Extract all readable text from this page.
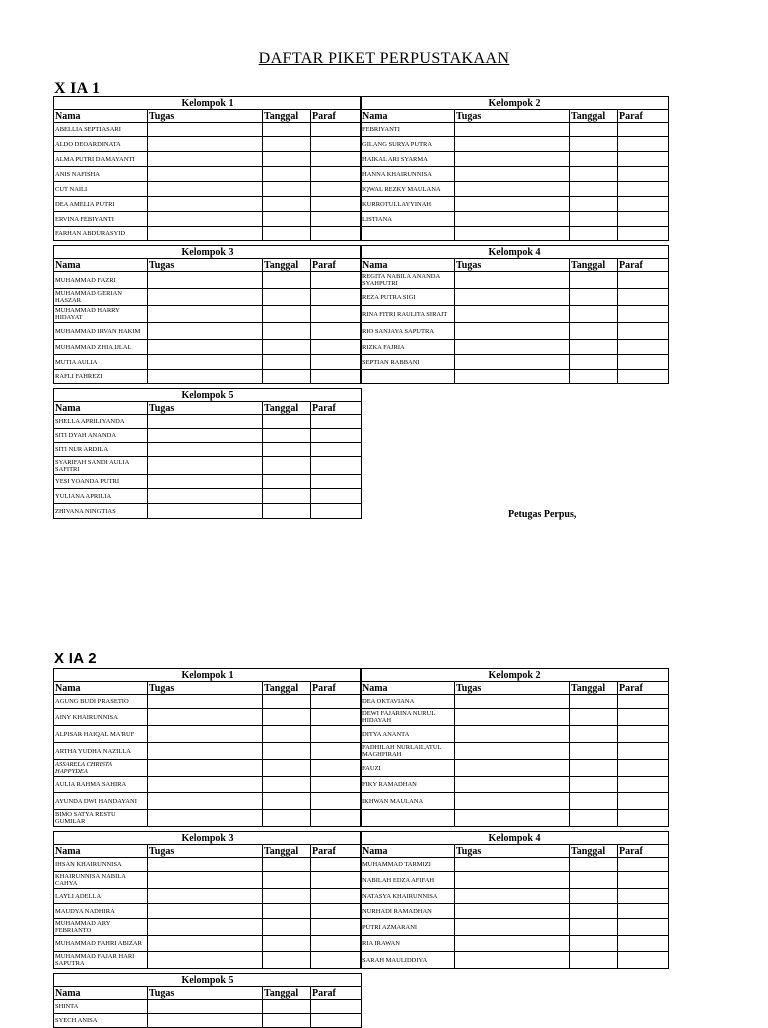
DAFTAR PIKET PERPUSTAKAAN
X IA 1
X IA 2
Petugas Perpus,
Kelompok 1			
Nama	Tugas	Tanggal	Paraf
ABELLIA SEPTIASARI			
ALDO DEOARDINATA			
ALMA PUTRI DAMAYANTI			
ANIS NAFISHA			
CUT NAILI			
DEA AMELIA PUTRI			
ERVINA FEBIYANTI			
FARHAN ABDURASYID			
Kelompok 2			
Nama	Tugas	Tanggal	Paraf
FEBRIYANTI			
GILANG SURYA PUTRA			
HAIKAL ARI SYARMA			
HANNA KHAIRUNNISA			
IQWAL REZKY MAULANA			
KURROTULLAYYINAH			
LISTIANA			

Kelompok 3			
Nama	Tugas	Tanggal	Paraf
MUHAMMAD FAZRI			
MUHAMMAD GERIAN HASZAR			
MUHAMMAD HARRY HIDAYAT			
MUHAMMAD IRVAN HAKIM			
MUHAMMAD ZHIA IJLAL			
MUTIA AULIA			
RAFLI FAHREZI			
Kelompok 4			
Nama	Tugas	Tanggal	Paraf
REGITA NABILA ANANDA SYAHPUTRI			
REZA PUTRA SIGI			
RINA FITRI RAULITA SIRAIT			
RIO SANJAYA SAPUTRA			
RIZKA FAJRIA			
SEPTIAN RABBANI			

Kelompok 5			
Nama	Tugas	Tanggal	Paraf
SHELLA APRILIYANDA			
SITI DYAH ANANDA			
SITI NUR ARDILA			
SYARIFAH SANDI AULIA SAFITRI			
YESI YOANDA PUTRI			
YULIANA APRILIA			
ZHIVANA NINGTIAS			
Kelompok 1			
Nama	Tugas	Tanggal	Paraf
AGUNG BUDI PRASETIO			
AINY KHAIRUNNISA			
ALPISAR HAIQAL MA'RUF			
ARTHA YUDHA NAZILLA			
ASSARELA CHRISTA HAPPYDEA			
AULIA RAHMA SAHIRA			
AYUNDA DWI HANDAYANI			
BIMO SATYA RESTU GUMILAR			
Kelompok 2			
Nama	Tugas	Tanggal	Paraf
DEA OKTAVIANA			
DEWI FAJARINA NURUL HIDAYAH			
DITYA ANANTA			
FADHILAH NURLAILATUL MAGHFIRAH			
FAUZI			
FIKY RAMADHAN			
IKHWAN MAULANA			

Kelompok 3			
Nama	Tugas	Tanggal	Paraf
IHSAN KHAIRUNNISA			
KHAIRUNNISA NABILA CAHYA			
LAYLI ADELLA			
MAUDYA NADHIRA			
MUHAMMAD ARY FEBRIANTO			
MUHAMMAD FAHRI ABIZAR			
MUHAMMAD FAJAR HARI SAPUTRA			
Kelompok 4			
Nama	Tugas	Tanggal	Paraf
MUHAMMAD TARMIZI			
NABILAH EDZA AFIFAH			
NATASYA KHAIRUNNISA			
NURHADI RAMADHAN			
PUTRI AZMARANI			
RIA IRAWAN			
SARAH MAULIDDIYA			
Kelompok 5			
Nama	Tugas	Tanggal	Paraf
SHINTA			
SYECH ANISA			
